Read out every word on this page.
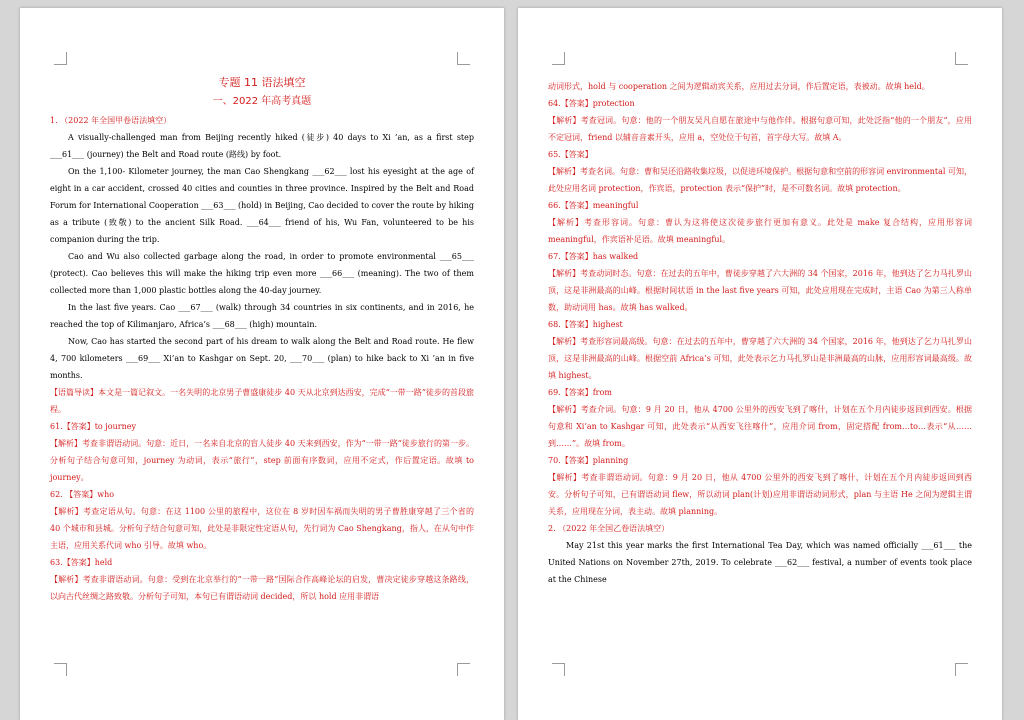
专题 11 语法填空
一、2022 年高考真题
1. （2022 年全国甲卷语法填空）

A visually-challenged man from Beijing recently hiked (徒步) 40 days to Xi ’an, as a first step ___61___ (journey) the Belt and Road route (路线) by foot.

On the 1,100- Kilometer journey, the man Cao Shengkang ___62___ lost his eyesight at the age of eight in a car accident, crossed 40 cities and counties in three province. Inspired by the Belt and Road Forum for International Cooperation ___63___ (hold) in Beijing, Cao decided to cover the route by hiking as a tribute (致敬) to the ancient Silk Road. ___64___ friend of his, Wu Fan, volunteered to be his companion during the trip.

Cao and Wu also collected garbage along the road, in order to promote environmental ___65___ (protect). Cao believes this will make the hiking trip even more ___66___ (meaning). The two of them collected more than 1,000 plastic bottles along the 40-day journey.

In the last five years. Cao ___67___ (walk) through 34 countries in six continents, and in 2016, he reached the top of Kilimanjaro, Africa’s ___68___ (high) mountain.

Now, Cao has started the second part of his dream to walk along the Belt and Road route. He flew 4, 700 kilometers ___69___ Xi’an to Kashgar on Sept. 20, ___70___ (plan) to hike back to Xi ’an in five months.

【语篇导读】本文是一篇记叙文。一名失明的北京男子曹盛康徒步 40 天从北京到达西安，完成“一带一路”徒步的首段旅程。

61.【答案】to journey

【解析】考查非谓语动词。句意：近日，一名来自北京的盲人徒步 40 天来到西安，作为“一带一路”徒步旅行的第一步。分析句子结合句意可知，journey 为动词，表示“旅行”，step 前面有序数词，应用不定式，作后置定语。故填 to journey。

62. 【答案】who

【解析】考查定语从句。句意：在这 1100 公里的旅程中，这位在 8 岁时因车祸而失明的男子曹胜康穿越了三个省的 40 个城市和县城。分析句子结合句意可知，此处是非限定性定语从句，先行词为 Cao Shengkang，指人，在从句中作主语，应用关系代词 who 引导。故填 who。

63.【答案】held

【解析】考查非谓语动词。句意：受到在北京举行的“一带一路”国际合作高峰论坛的启发，曹决定徒步穿越这条路线，以向古代丝绸之路致敬。分析句子可知，本句已有谓语动词 decided，所以 hold 应用非谓语

动词形式，hold 与 cooperation 之间为逻辑动宾关系，应用过去分词，作后置定语，表被动。故填 held。

64.【答案】protection

【解析】考查冠词。句意：他的一个朋友吴凡自愿在旅途中与他作伴。根据句意可知，此处泛指“他的一个朋友”，应用不定冠词，friend 以辅音音素开头，应用 a，空处位于句首，首字母大写。故填 A。

65.【答案】

【解析】考查名词。句意：曹和吴还沿路收集垃圾，以促进环境保护。根据句意和空前的形容词 environmental 可知，此处应用名词 protection，作宾语，protection 表示“保护”时，是不可数名词。故填 protection。

66.【答案】meaningful

【解析】考查形容词。句意：曹认为这将使这次徒步旅行更加有意义。此处是 make 复合结构，应用形容词 meaningful，作宾语补足语。故填 meaningful。

67.【答案】has walked

【解析】考查动词时态。句意：在过去的五年中，曹徒步穿越了六大洲的 34 个国家，2016 年，他到达了乞力马扎罗山顶，这是非洲最高的山峰。根据时间状语 in the last five years 可知，此处应用现在完成时，主语 Cao 为第三人称单数，助动词用 has。故填 has walked。

68.【答案】highest

【解析】考查形容词最高级。句意：在过去的五年中，曹穿越了六大洲的 34 个国家，2016 年，他到达了乞力马扎罗山顶，这是非洲最高的山峰。根据空前 Africa’s 可知，此处表示乞力马扎罗山是非洲最高的山脉，应用形容词最高级。故填 highest。

69.【答案】from

【解析】考查介词。句意：9 月 20 日，他从 4700 公里外的西安飞到了喀什，计划在五个月内徒步返回到西安。根据句意和 Xi’an to Kashgar 可知，此处表示“从西安飞往喀什”，应用介词 from，固定搭配 from…to…表示“从……到……”。故填 from。

70.【答案】planning

【解析】考查非谓语动词。句意：9 月 20 日，他从 4700 公里外的西安飞到了喀什，计划在五个月内徒步返回到西安。分析句子可知，已有谓语动词 flew，所以动词 plan(计划)应用非谓语动词形式，plan 与主语 He 之间为逻辑主谓关系，应用现在分词，表主动。故填 planning。

2. （2022 年全国乙卷语法填空）

May 21st this year marks the first International Tea Day, which was named officially ___61___ the United Nations on November 27th, 2019. To celebrate ___62___ festival, a number of events took place at the Chinese
